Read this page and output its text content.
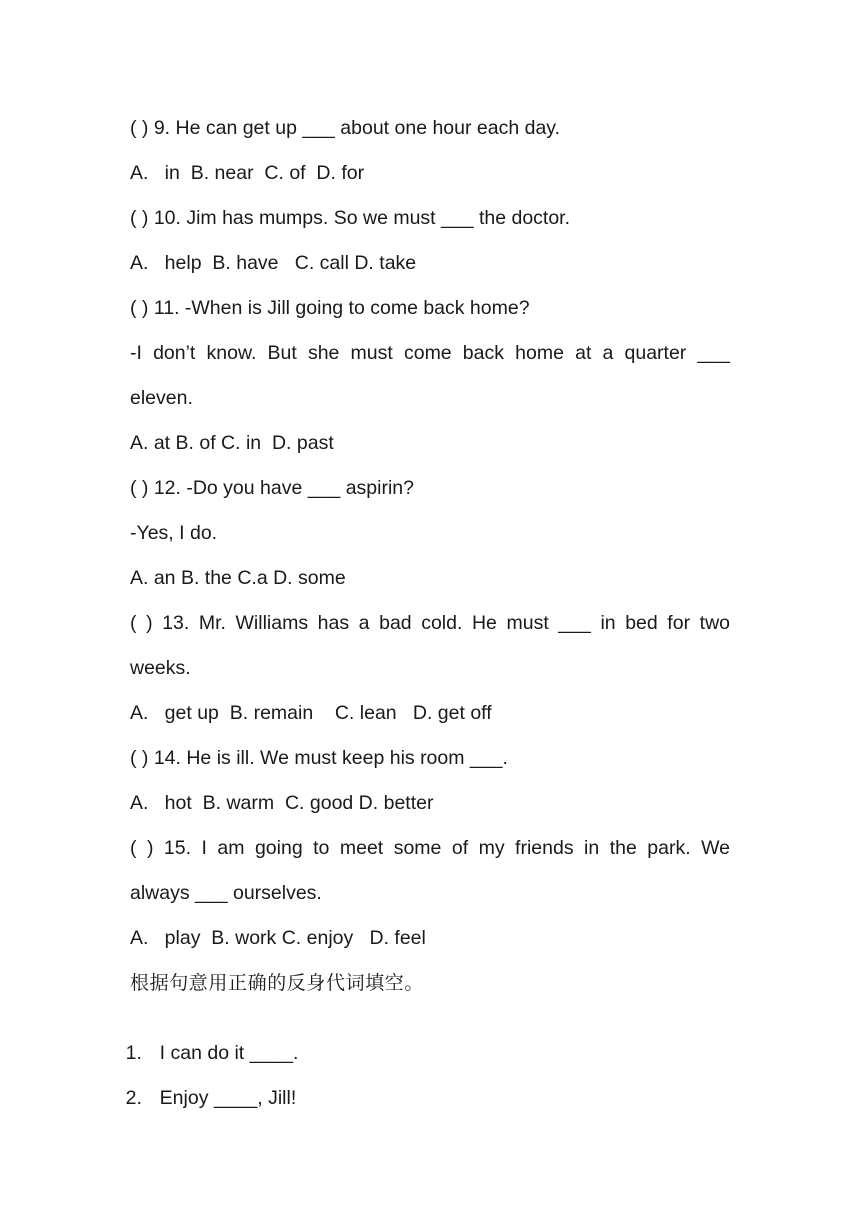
( ) 9. He can get up ___ about one hour each day.
A.   in  B. near  C. of  D. for
( ) 10. Jim has mumps. So we must ___ the doctor.
A.   help  B. have   C. call D. take
( ) 11. -When is Jill going to come back home?
-I don’t know. But she must come back home at a quarter ___
eleven.
A. at B. of C. in  D. past
( ) 12. -Do you have ___ aspirin?
-Yes, I do.
A. an B. the C.a D. some
( ) 13. Mr. Williams has a bad cold. He must ___ in bed for two
weeks.
A.   get up  B. remain    C. lean   D. get off
( ) 14. He is ill. We must keep his room ___.
A.   hot  B. warm  C. good D. better
( ) 15. I am going to meet some of my friends in the park. We
always ___ ourselves.
A.   play  B. work C. enjoy   D. feel
根据句意用正确的反身代词填空。

1. I can do it ____.

2. Enjoy ____, Jill!
